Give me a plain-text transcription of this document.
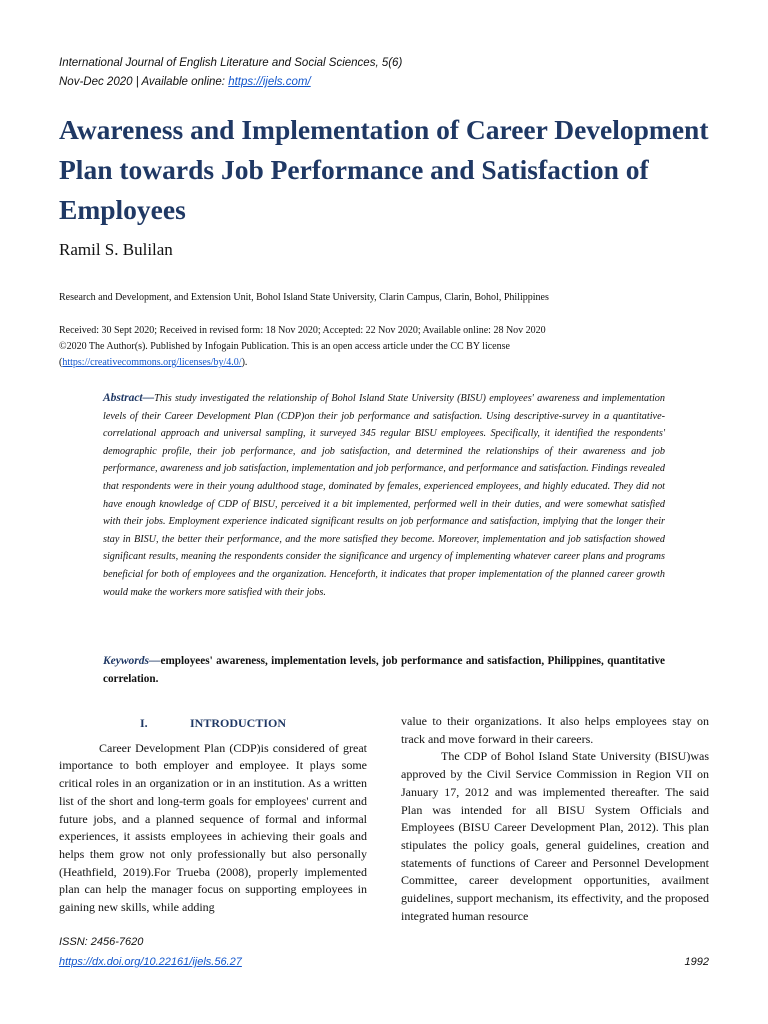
International Journal of English Literature and Social Sciences, 5(6)
Nov-Dec 2020 | Available online: https://ijels.com/
Awareness and Implementation of Career Development Plan towards Job Performance and Satisfaction of Employees
Ramil S. Bulilan
Research and Development, and Extension Unit, Bohol Island State University, Clarin Campus, Clarin, Bohol, Philippines
Received: 30 Sept 2020; Received in revised form: 18 Nov 2020; Accepted: 22 Nov 2020; Available online: 28 Nov 2020
©2020 The Author(s). Published by Infogain Publication. This is an open access article under the CC BY license
(https://creativecommons.org/licenses/by/4.0/).
Abstract—This study investigated the relationship of Bohol Island State University (BISU) employees' awareness and implementation levels of their Career Development Plan (CDP)on their job performance and satisfaction. Using descriptive-survey in a quantitative-correlational approach and universal sampling, it surveyed 345 regular BISU employees. Specifically, it identified the respondents' demographic profile, their job performance, and job satisfaction, and determined the relationships of their awareness and job performance, awareness and job satisfaction, implementation and job performance, and performance and satisfaction. Findings revealed that respondents were in their young adulthood stage, dominated by females, experienced employees, and highly educated. They did not have enough knowledge of CDP of BISU, perceived it a bit implemented, performed well in their duties, and were somewhat satisfied with their jobs. Employment experience indicated significant results on job performance and satisfaction, implying that the longer their stay in BISU, the better their performance, and the more satisfied they become. Moreover, implementation and job satisfaction showed significant results, meaning the respondents consider the significance and urgency of implementing whatever career plans and programs beneficial for both of employees and the organization. Henceforth, it indicates that proper implementation of the planned career growth would make the workers more satisfied with their jobs.
Keywords—employees' awareness, implementation levels, job performance and satisfaction, Philippines, quantitative correlation.
I.	INTRODUCTION

Career Development Plan (CDP)is considered of great importance to both employer and employee. It plays some critical roles in an organization or in an institution. As a written list of the short and long-term goals for employees' current and future jobs, and a planned sequence of formal and informal experiences, it assists employees in achieving their goals and helps them grow not only professionally but also personally (Heathfield, 2019).For Trueba (2008), properly implemented plan can help the manager focus on supporting employees in gaining new skills, while adding

value to their organizations. It also helps employees stay on track and move forward in their careers.

The CDP of Bohol Island State University (BISU)was approved by the Civil Service Commission in Region VII on January 17, 2012 and was implemented thereafter. The said Plan was intended for all BISU System Officials and Employees (BISU Career Development Plan, 2012). This plan stipulates the policy goals, general guidelines, creation and statements of functions of Career and Personnel Development Committee, career development opportunities, availment guidelines, support mechanism, its effectivity, and the proposed integrated human resource

ISSN: 2456-7620
https://dx.doi.org/10.22161/ijels.56.27	1992
